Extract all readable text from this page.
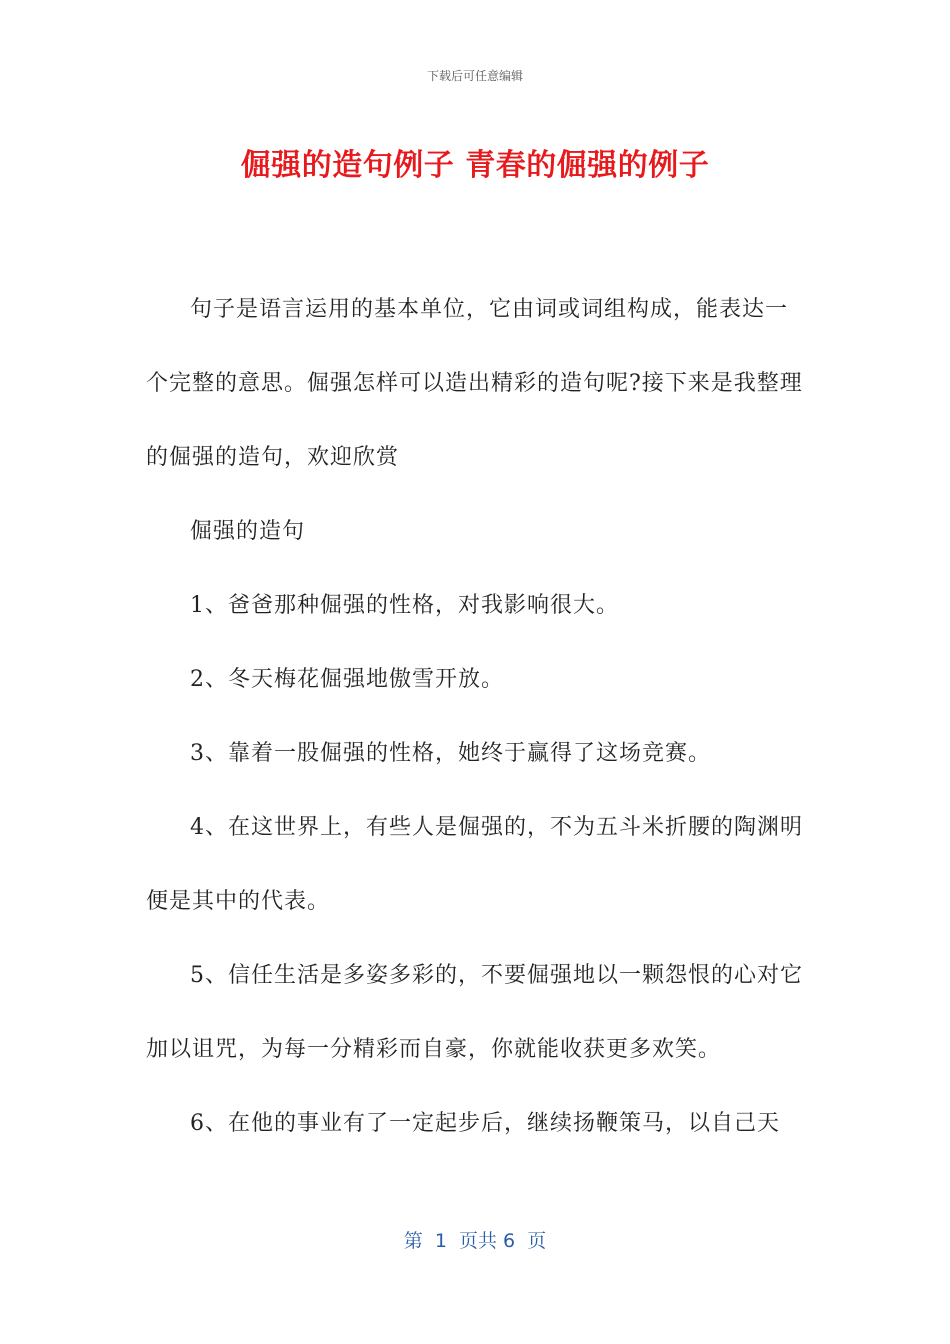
下载后可任意编辑
倔强的造句例子 青春的倔强的例子

句子是语言运用的基本单位，它由词或词组构成，能表达一个完整的意思。倔强怎样可以造出精彩的造句呢?接下来是我整理的倔强的造句，欢迎欣赏

倔强的造句

1、爸爸那种倔强的性格，对我影响很大。

2、冬天梅花倔强地傲雪开放。

3、靠着一股倔强的性格，她终于赢得了这场竞赛。

4、在这世界上，有些人是倔强的，不为五斗米折腰的陶渊明便是其中的代表。

5、信任生活是多姿多彩的，不要倔强地以一颗怨恨的心对它加以诅咒，为每一分精彩而自豪，你就能收获更多欢笑。

6、在他的事业有了一定起步后，继续扬鞭策马，以自己天

第  1  页共 6  页
